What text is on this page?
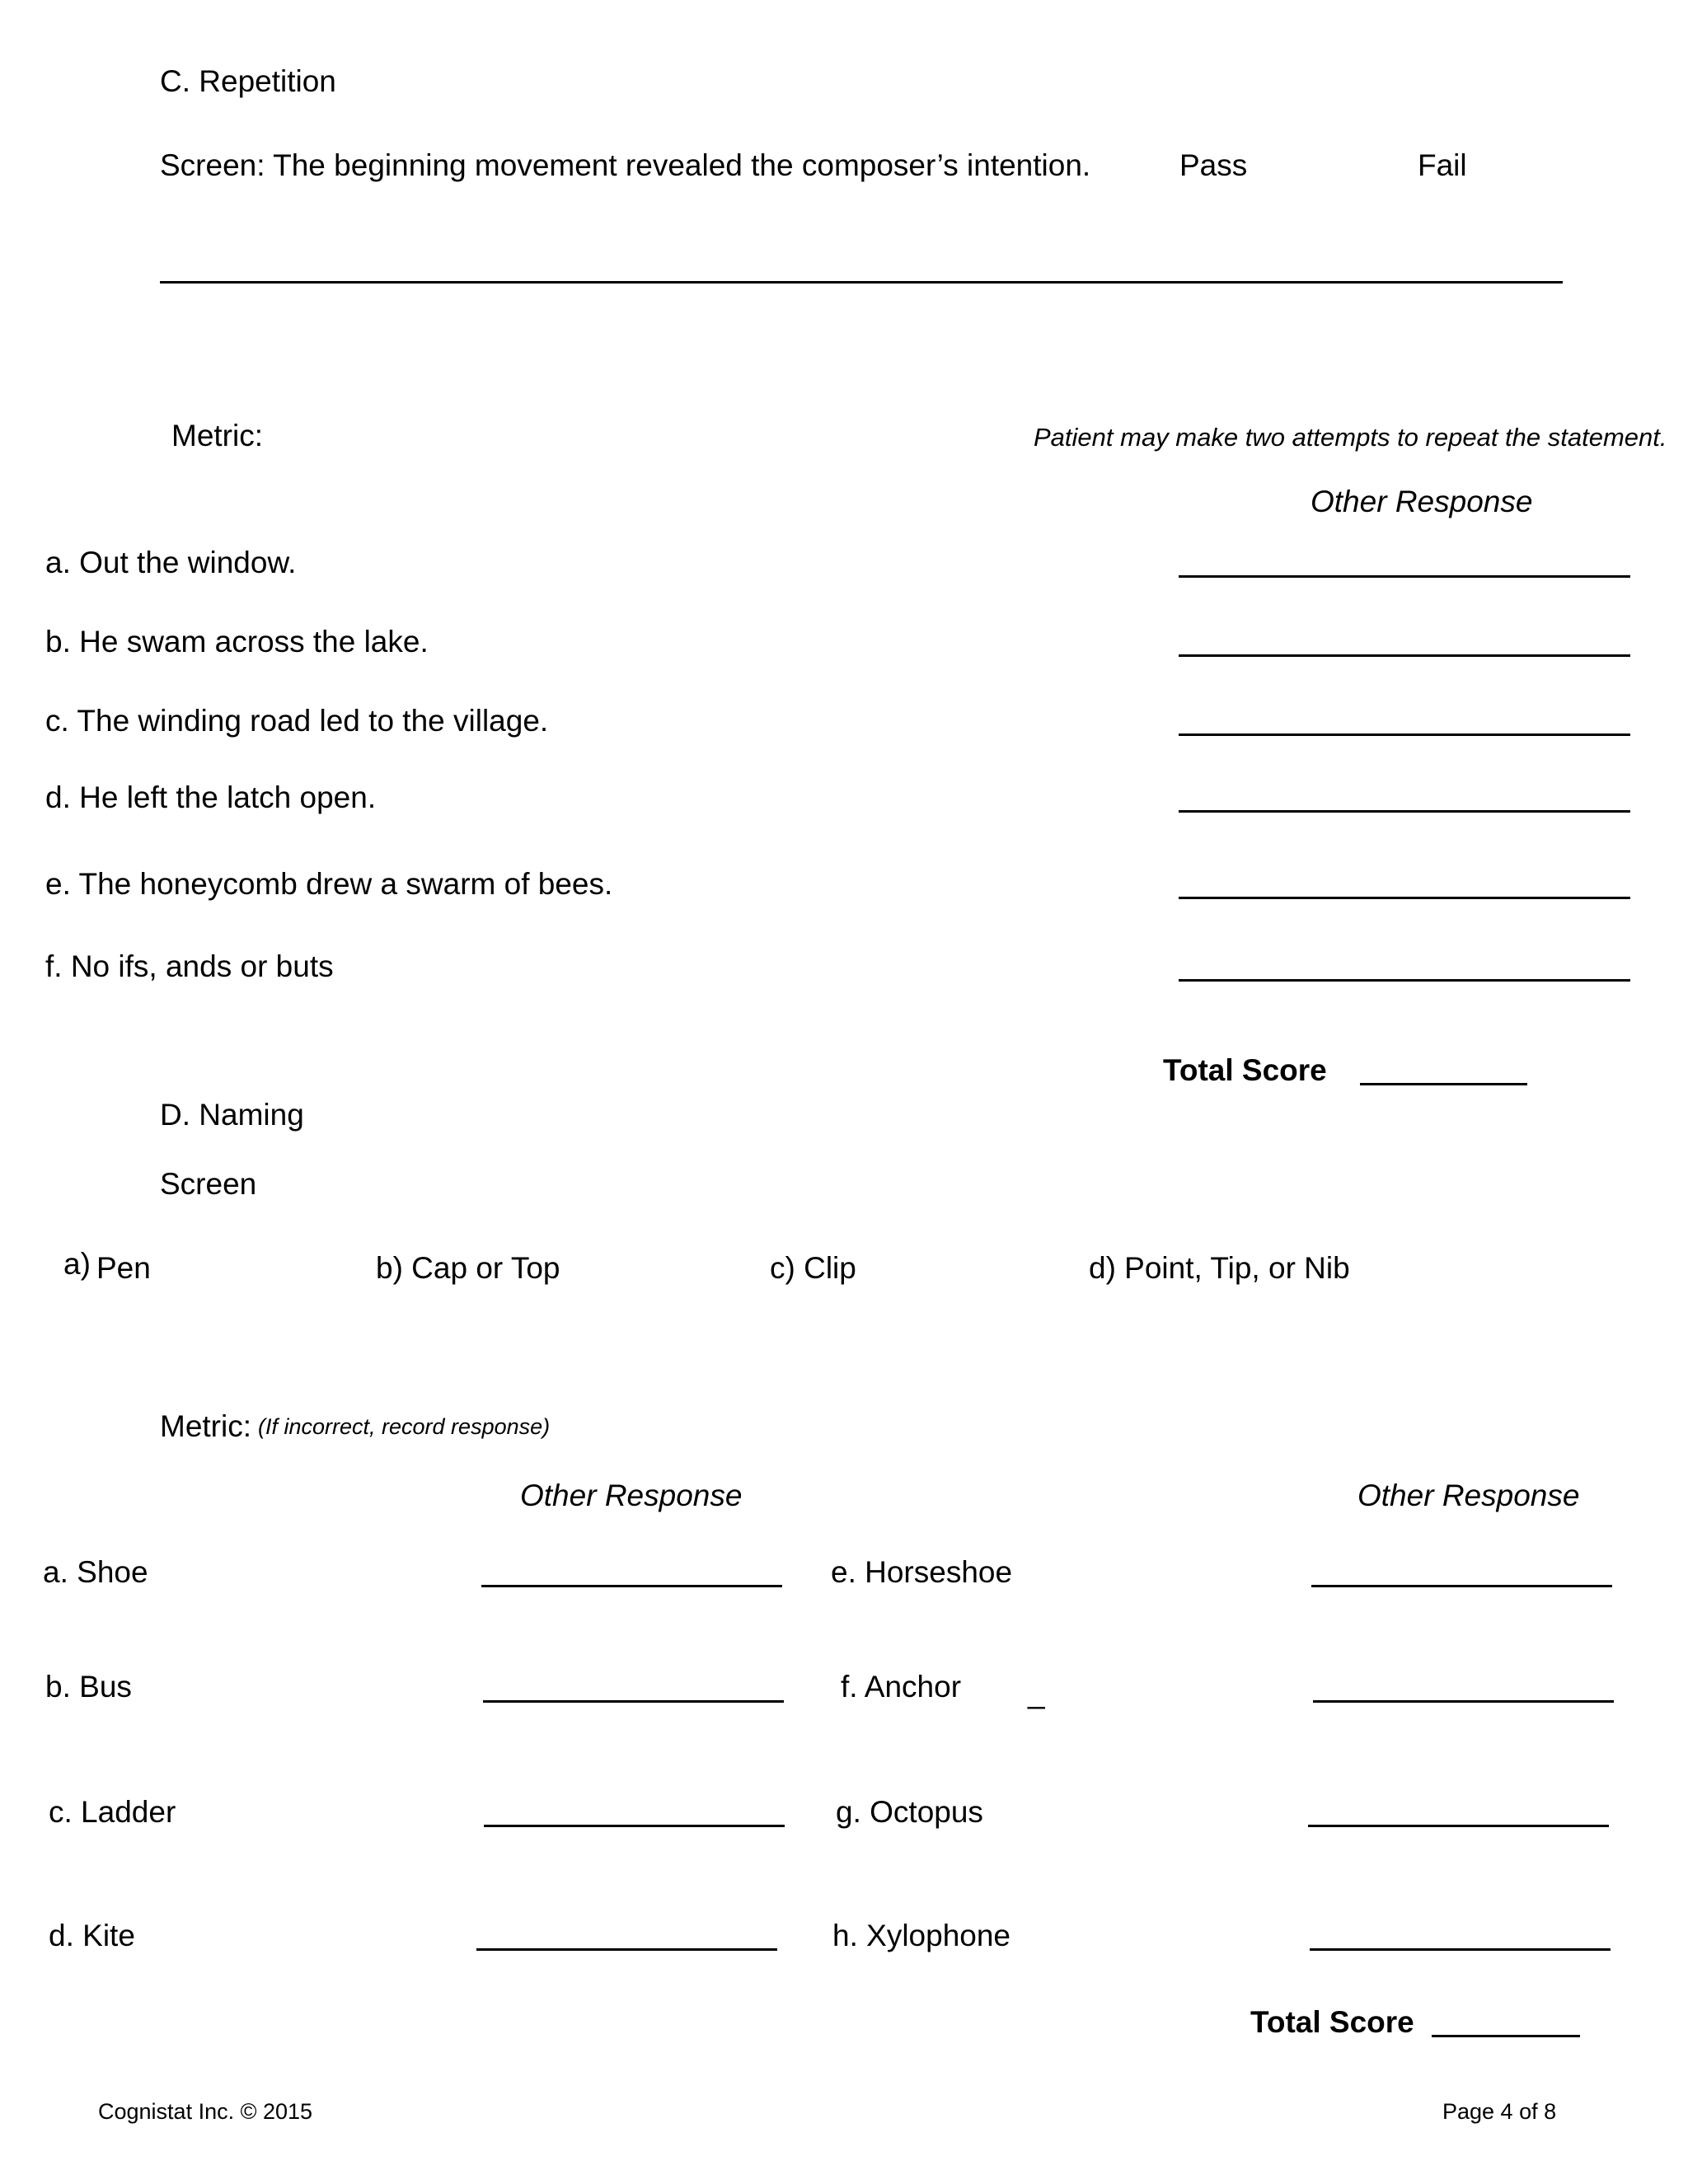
C. Repetition
Screen: The beginning movement revealed the composer’s intention.	Pass	Fail
Metric:	Patient may make two attempts to repeat the statement.
Other Response
a. Out the window.
b. He swam across the lake.
c. The winding road led to the village.
d. He left the latch open.
e. The honeycomb drew a swarm of bees.
f. No ifs, ands or buts
Total Score
D. Naming
Screen
a) Pen	b) Cap or Top	c) Clip	d) Point, Tip, or Nib
Metric: (If incorrect, record response)
Other Response	Other Response
a. Shoe	e. Horseshoe
b. Bus	f. Anchor _
c. Ladder	g. Octopus
d. Kite	h. Xylophone
Total Score
Cognistat Inc. © 2015	Page 4 of 8
